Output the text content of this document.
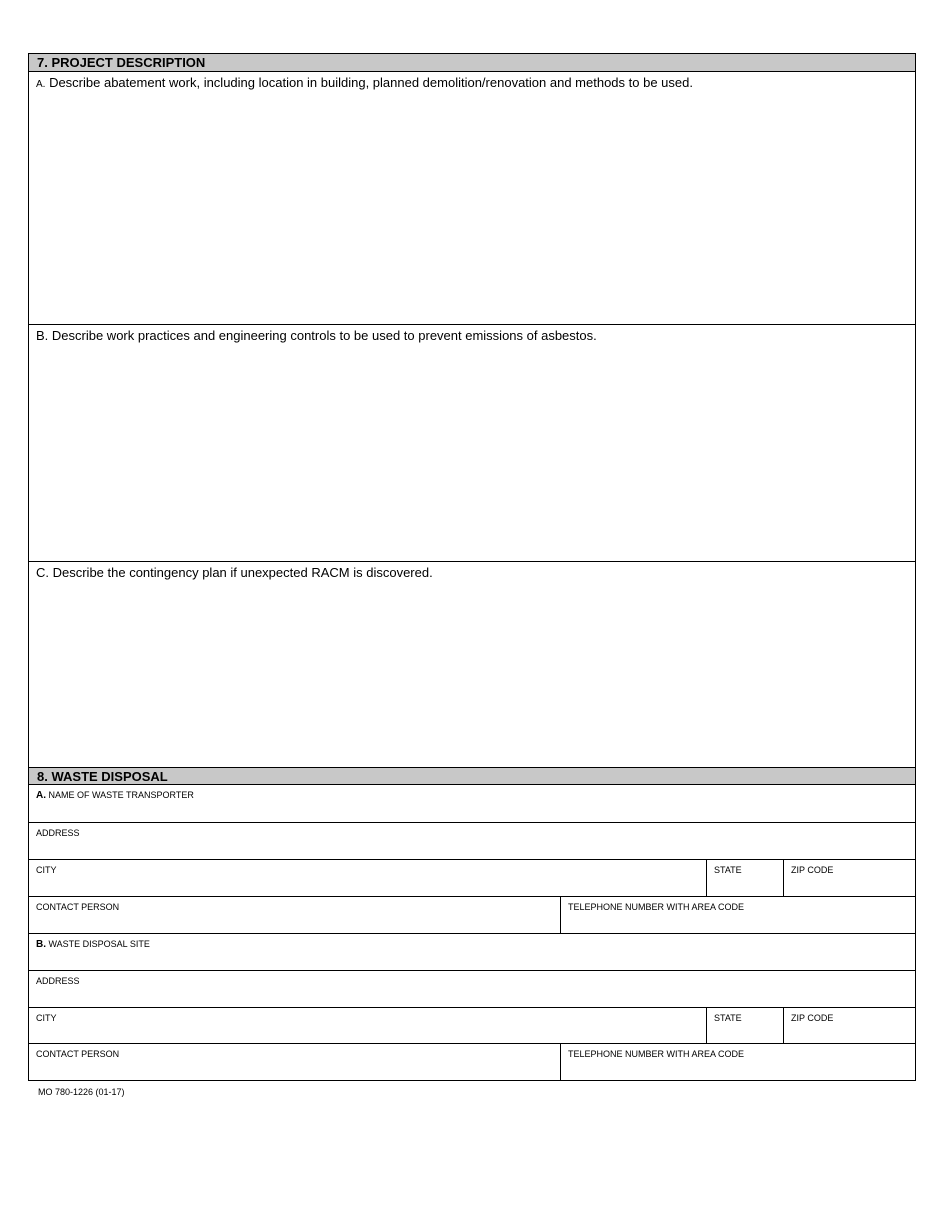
7. PROJECT DESCRIPTION
A. Describe abatement work, including location in building, planned demolition/renovation and methods to be used.
B. Describe work practices and engineering controls to be used to prevent emissions of asbestos.
C. Describe the contingency plan if unexpected RACM is discovered.
8. WASTE DISPOSAL
A. NAME OF WASTE TRANSPORTER
ADDRESS
CITY	STATE	ZIP CODE
CONTACT PERSON	TELEPHONE NUMBER WITH AREA CODE
B. WASTE DISPOSAL SITE
ADDRESS
CITY	STATE	ZIP CODE
CONTACT PERSON	TELEPHONE NUMBER WITH AREA CODE
MO 780-1226 (01-17)
